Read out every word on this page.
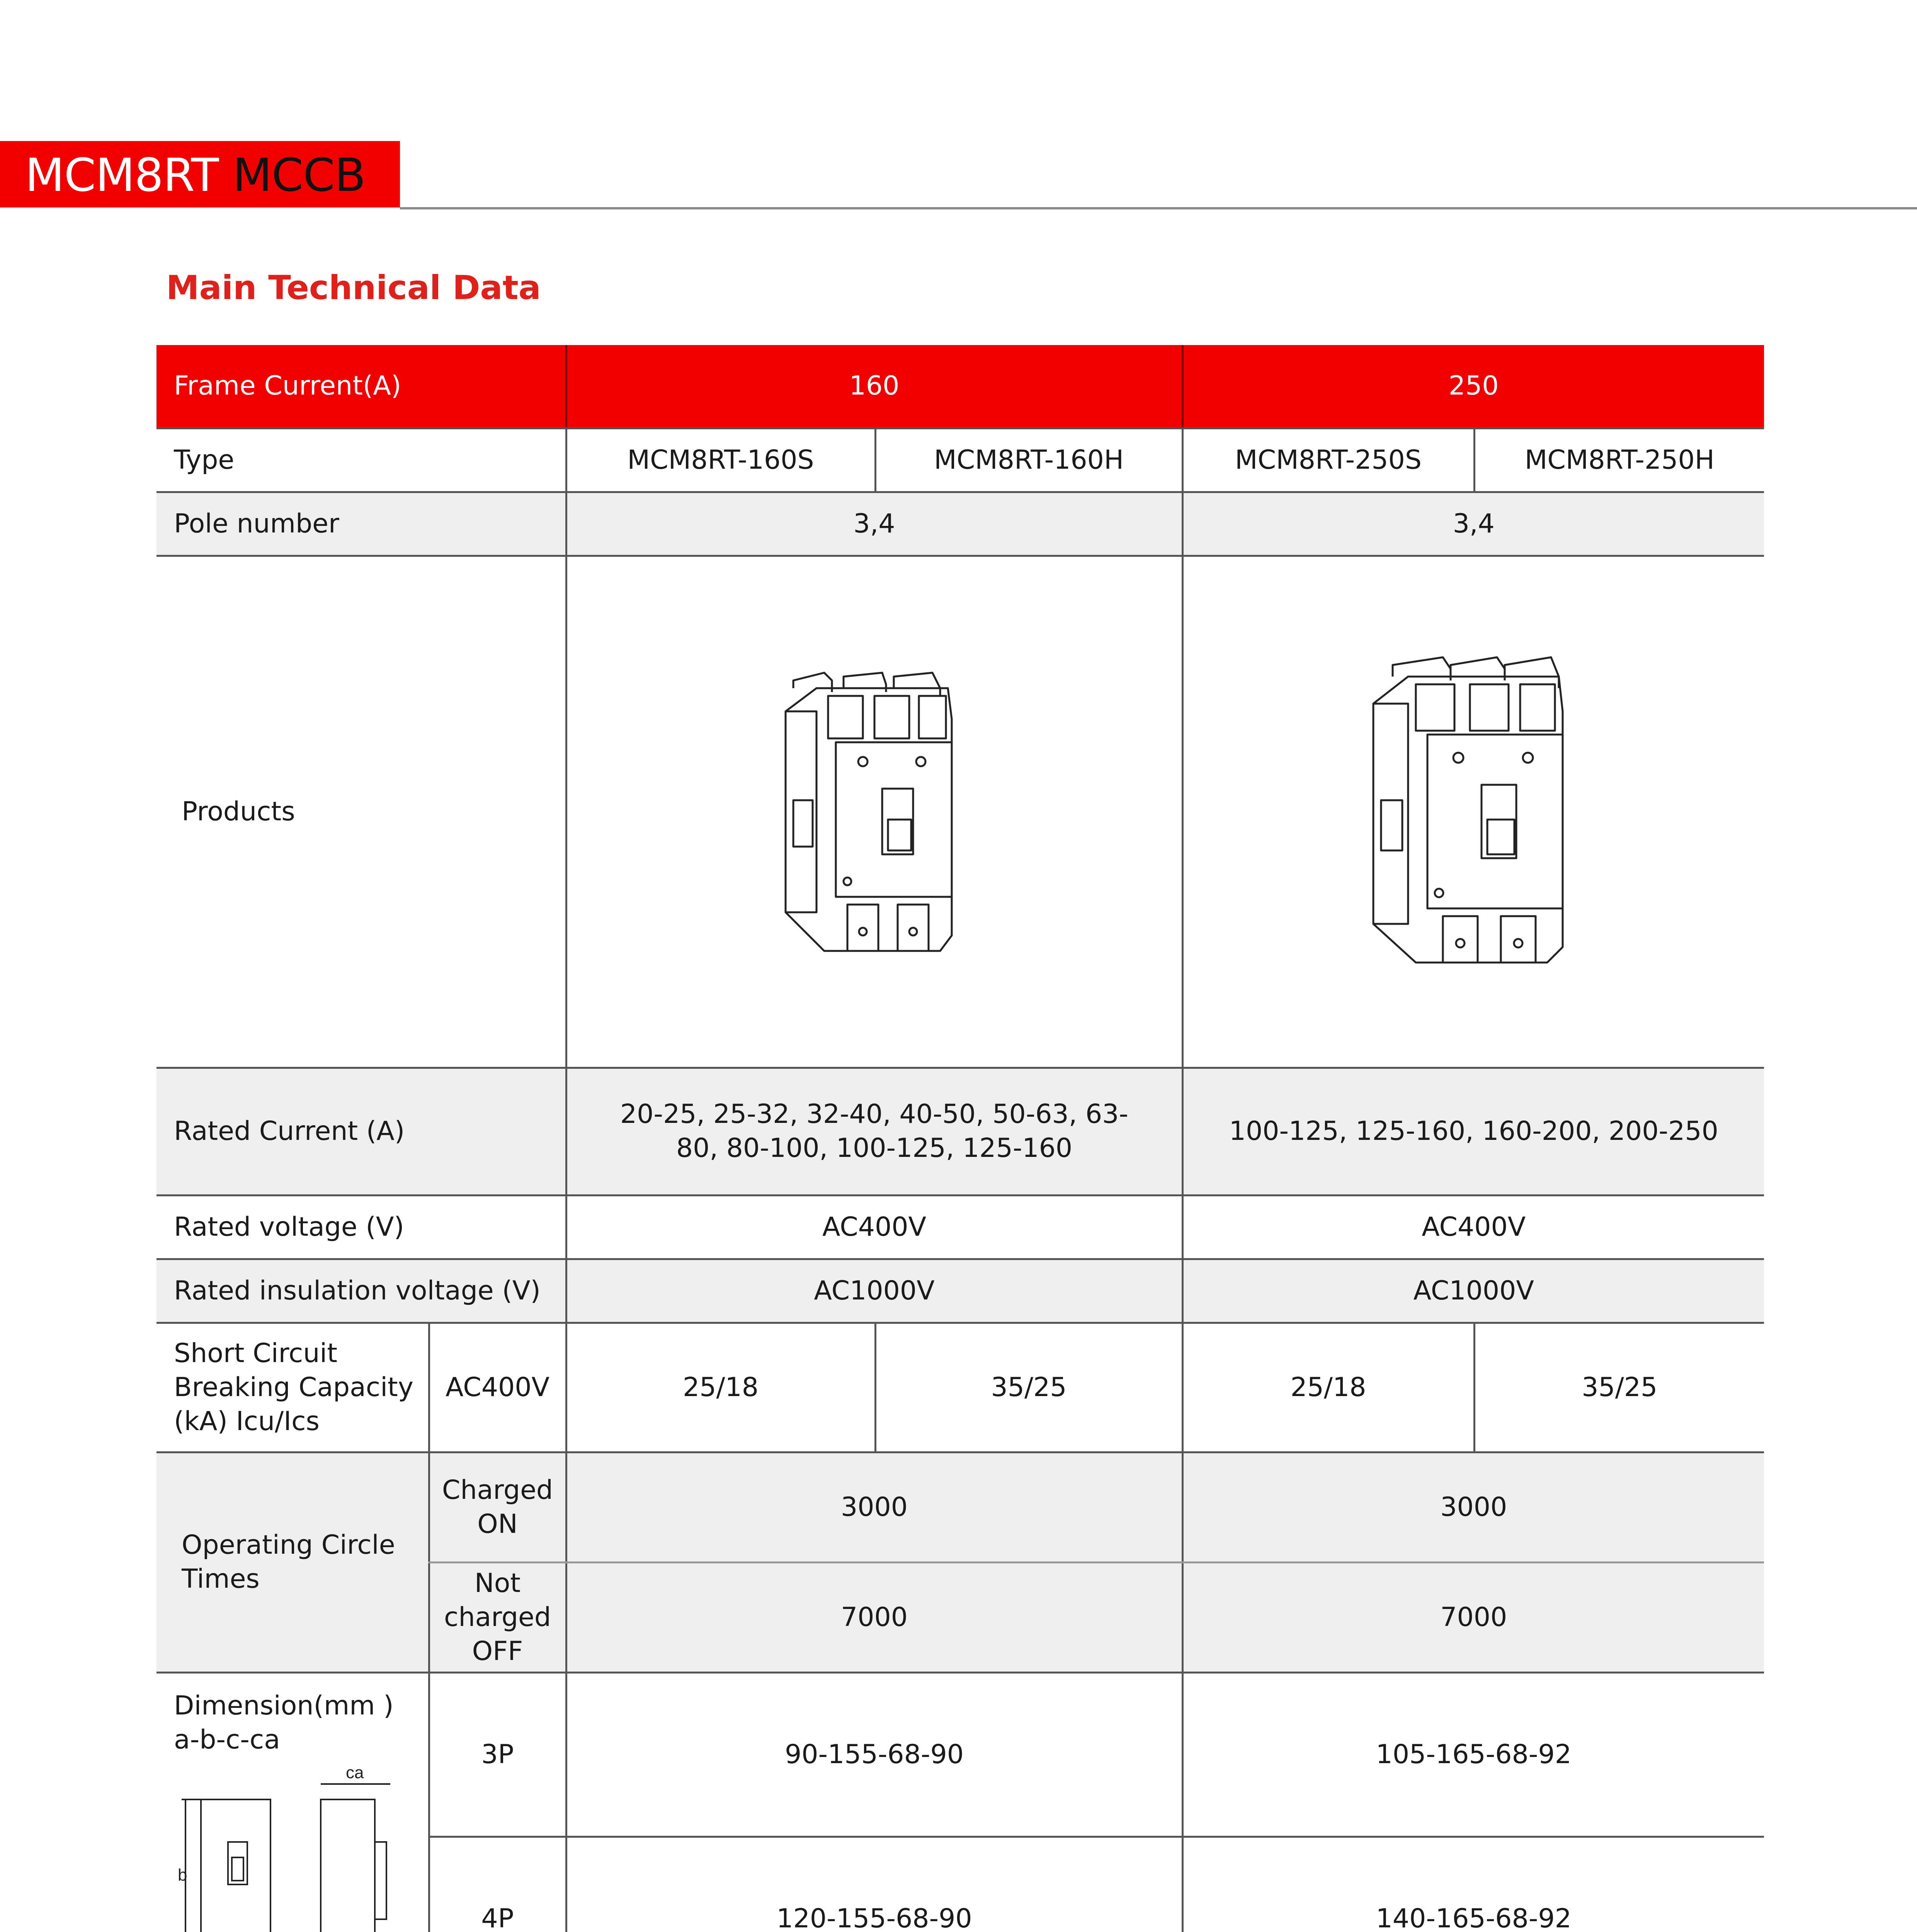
MCM8RT MCCB
Main Technical Data
Frame Current(A)		160		250	
Type		MCM8RT-160S	MCM8RT-160H	MCM8RT-250S	MCM8RT-250H
Pole number		3,4		3,4	
Products	

Rated Current (A)		20-25, 25-32, 32-40, 40-50, 50-63, 63-80, 80-100, 100-125, 125-160		100-125, 125-160, 160-200, 200-250	
Rated voltage (V)		AC400V		AC400V	
Rated insulation voltage (V)		AC1000V		AC1000V	
Short Circuit Breaking Capacity (kA) Icu/Ics	AC400V	25/18	35/25	25/18	35/25
Operating Circle Times	Charged ON	3000		3000	
	Not charged OFF	7000		7000	

Dimension(mm ) a-b-c-ca
b
ca	3P	90-155-68-90		105-165-68-92	
	4P	120-155-68-90		140-165-68-92	
